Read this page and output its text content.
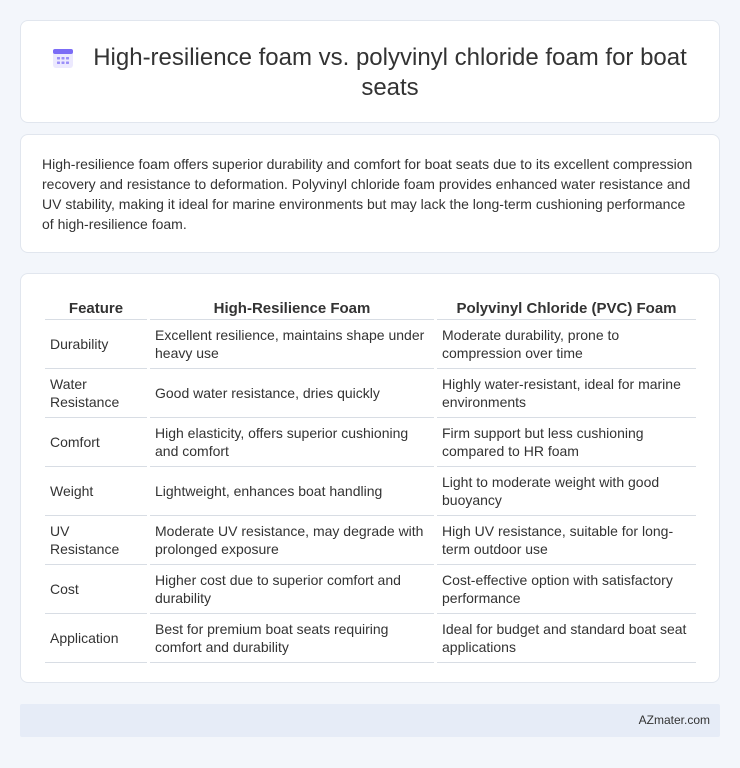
High-resilience foam vs. polyvinyl chloride foam for boat seats

High-resilience foam offers superior durability and comfort for boat seats due to its excellent compression recovery and resistance to deformation. Polyvinyl chloride foam provides enhanced water resistance and UV stability, making it ideal for marine environments but may lack the long-term cushioning performance of high-resilience foam.

Feature	High-Resilience Foam	Polyvinyl Chloride (PVC) Foam
Durability	Excellent resilience, maintains shape under heavy use	Moderate durability, prone to compression over time
Water Resistance	Good water resistance, dries quickly	Highly water-resistant, ideal for marine environments
Comfort	High elasticity, offers superior cushioning and comfort	Firm support but less cushioning compared to HR foam
Weight	Lightweight, enhances boat handling	Light to moderate weight with good buoyancy
UV Resistance	Moderate UV resistance, may degrade with prolonged exposure	High UV resistance, suitable for long-term outdoor use
Cost	Higher cost due to superior comfort and durability	Cost-effective option with satisfactory performance
Application	Best for premium boat seats requiring comfort and durability	Ideal for budget and standard boat seat applications
AZmater.com
